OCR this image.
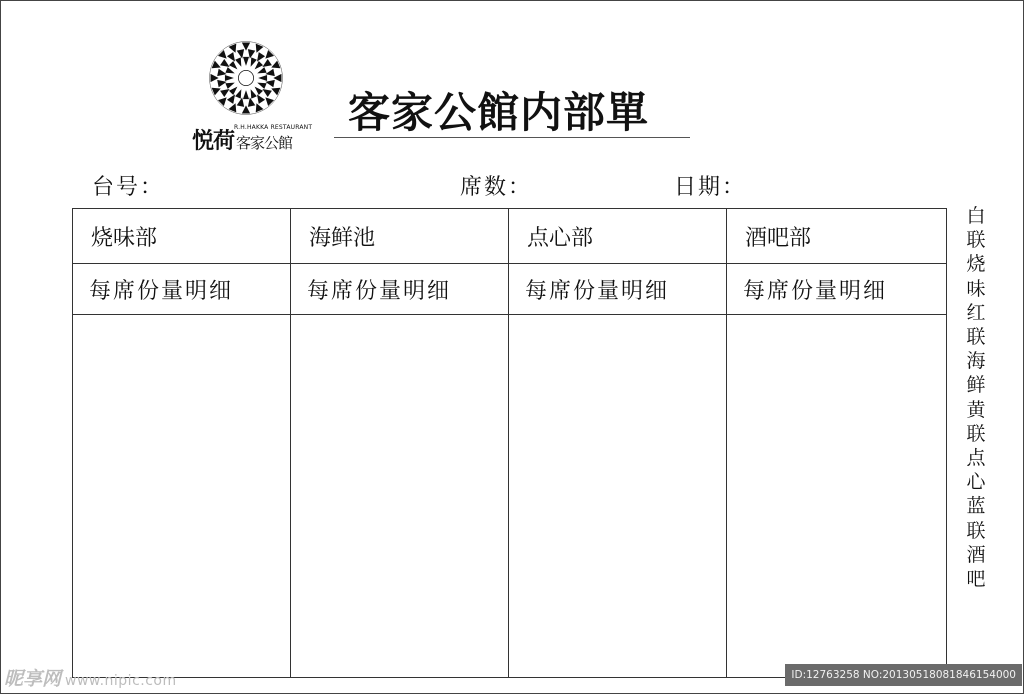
悦荷 客家公館
R.H.HAKKA RESTAURANT 客家公館内部單
台号：	席数：	日期：
烧味部	海鲜池	点心部	酒吧部
每席份量明细	每席份量明细	每席份量明细	每席份量明细

白联
烧味
红联
海鲜
黄联
点心
蓝联
酒吧
昵享网 www.nipic.com	ID:12763258 NO:20130518081846154000
